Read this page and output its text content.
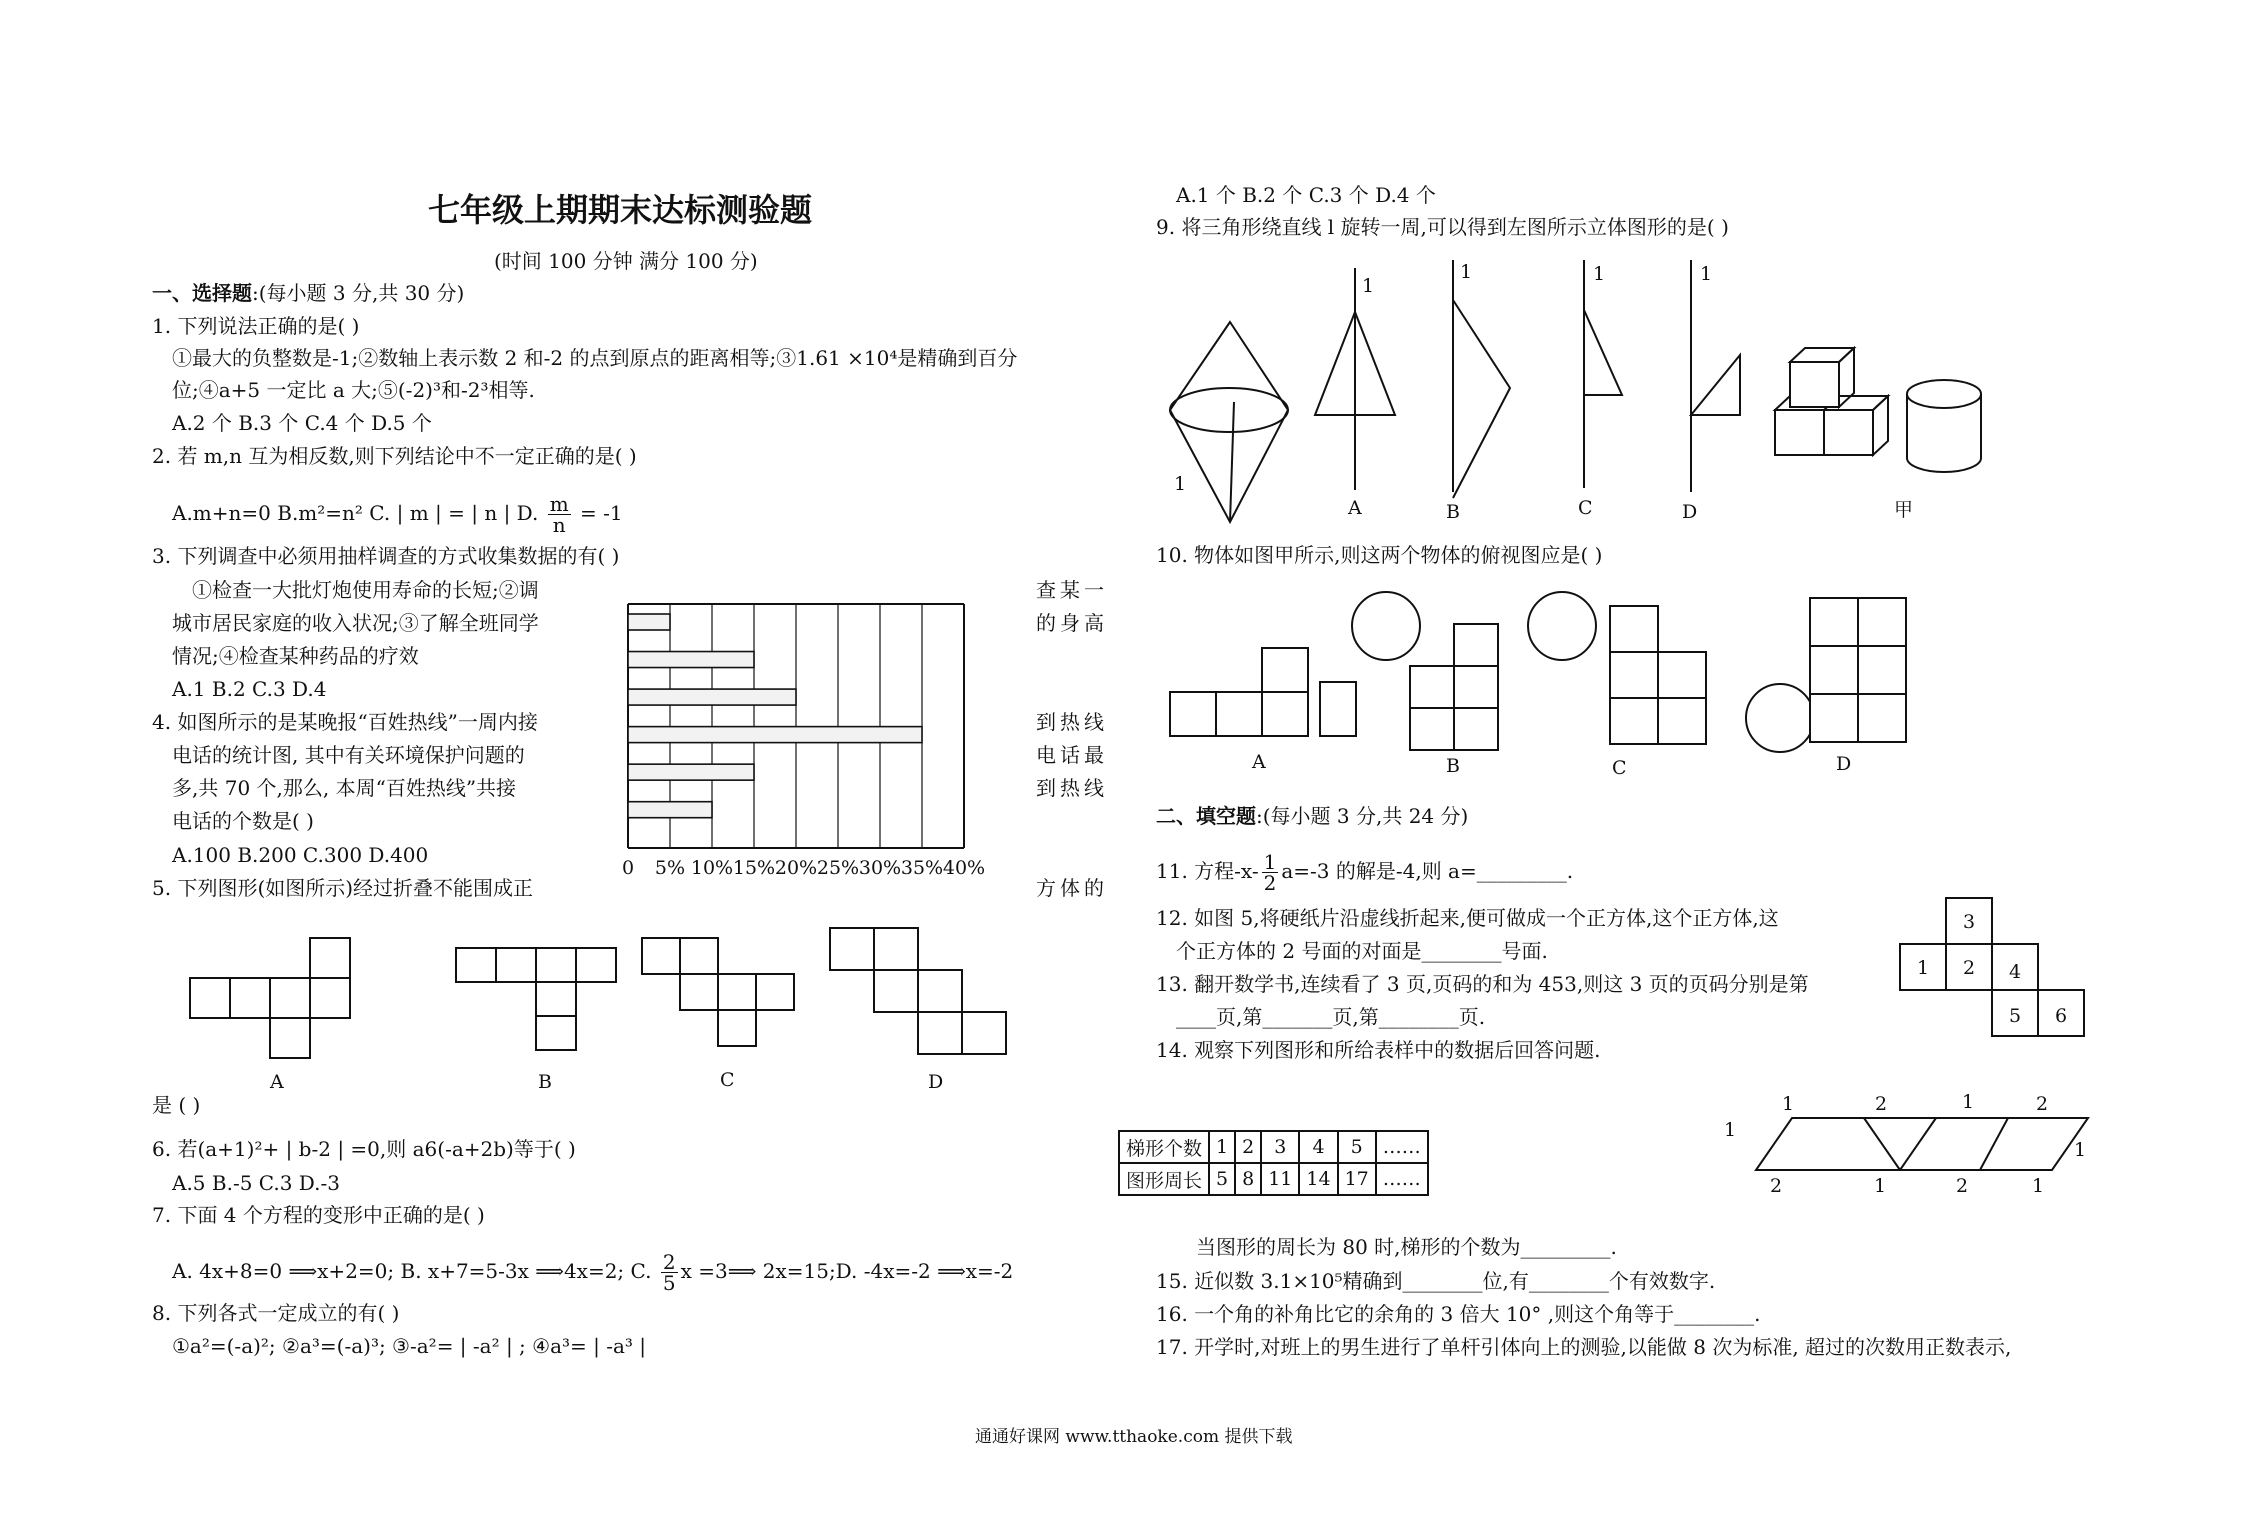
七年级上期期末达标测验题
(时间 100 分钟 满分 100 分)
一、选择题:(每小题 3 分,共 30 分)
1. 下列说法正确的是( )
①最大的负整数是-1;②数轴上表示数 2 和-2 的点到原点的距离相等;③1.61 ×10⁴是精确到百分
位;④a+5 一定比 a 大;⑤(-2)³和-2³相等.
A.2 个 B.3 个 C.4 个 D.5 个
2. 若 m,n 互为相反数,则下列结论中不一定正确的是( )
A.m+n=0 B.m²=n² C. | m | = | n | D. $\frac{m}{n} = -1$
3. 下列调查中必须用抽样调查的方式收集数据的有( )
①检查一大批灯炮使用寿命的长短;②调	查某一
城市居民家庭的收入状况;③了解全班同学	的身高
情况;④检查某种药品的疗效
A.1 B.2 C.3 D.4
4. 如图所示的是某晚报“百姓热线”一周内接	到热线
电话的统计图, 其中有关环境保护问题的	电话最
多,共 70 个,那么, 本周“百姓热线”共接	到热线
电话的个数是( )
A.100 B.200 C.300 D.400
0 5% 10% 15% 20% 25% 30% 35% 40%
5. 下列图形(如图所示)经过折叠不能围成正	方体的
A	B	C	D
是 ( )
6. 若(a+1)²+ | b-2 | =0,则 a6(-a+2b)等于( )
A.5 B.-5 C.3 D.-3
7. 下面 4 个方程的变形中正确的是( )
A. 4x+8=0 ⟹x+2=0; B. x+7=5-3x ⟹4x=2; C. $\frac{2}{5}$ x =3⟹ 2x=15;D. -4x=-2 ⟹x=-2
8. 下列各式一定成立的有( )
①a²=(-a)²; ②a³=(-a)³; ③-a²= | -a² | ; ④a³= | -a³ |
A.1 个 B.2 个 C.3 个 D.4 个
9. 将三角形绕直线 l 旋转一周,可以得到左图所示立体图形的是( )
1
1
A
1
B
1
C
1
D	甲
10. 物体如图甲所示,则这两个物体的俯视图应是( )
A	B	C	D
二、填空题:(每小题 3 分,共 24 分)
11. 方程$-x- \frac{1}{2} a=-3$ 的解是-4,则 a=_________.
12. 如图 5,将硬纸片沿虚线折起来,便可做成一个正方体,这个正方体,这
个正方体的 2 号面的对面是________号面.
3
1 2 4
5 6
13. 翻开数学书,连续看了 3 页,页码的和为 453,则这 3 页的页码分别是第
____页,第_______页,第________页.
14. 观察下列图形和所给表样中的数据后回答问题.
梯形个数	1	2	3	4	5	……
图形周长	5	8	11	14	17	……
1	2	1	2
1
1
2	1	2	1
当图形的周长为 80 时,梯形的个数为_________.
15. 近似数 3.1×10⁵精确到________位,有________个有效数字.
16. 一个角的补角比它的余角的 3 倍大 10° ,则这个角等于________.
17. 开学时,对班上的男生进行了单杆引体向上的测验,以能做 8 次为标准, 超过的次数用正数表示,
通通好课网 www.tthaoke.com 提供下载
